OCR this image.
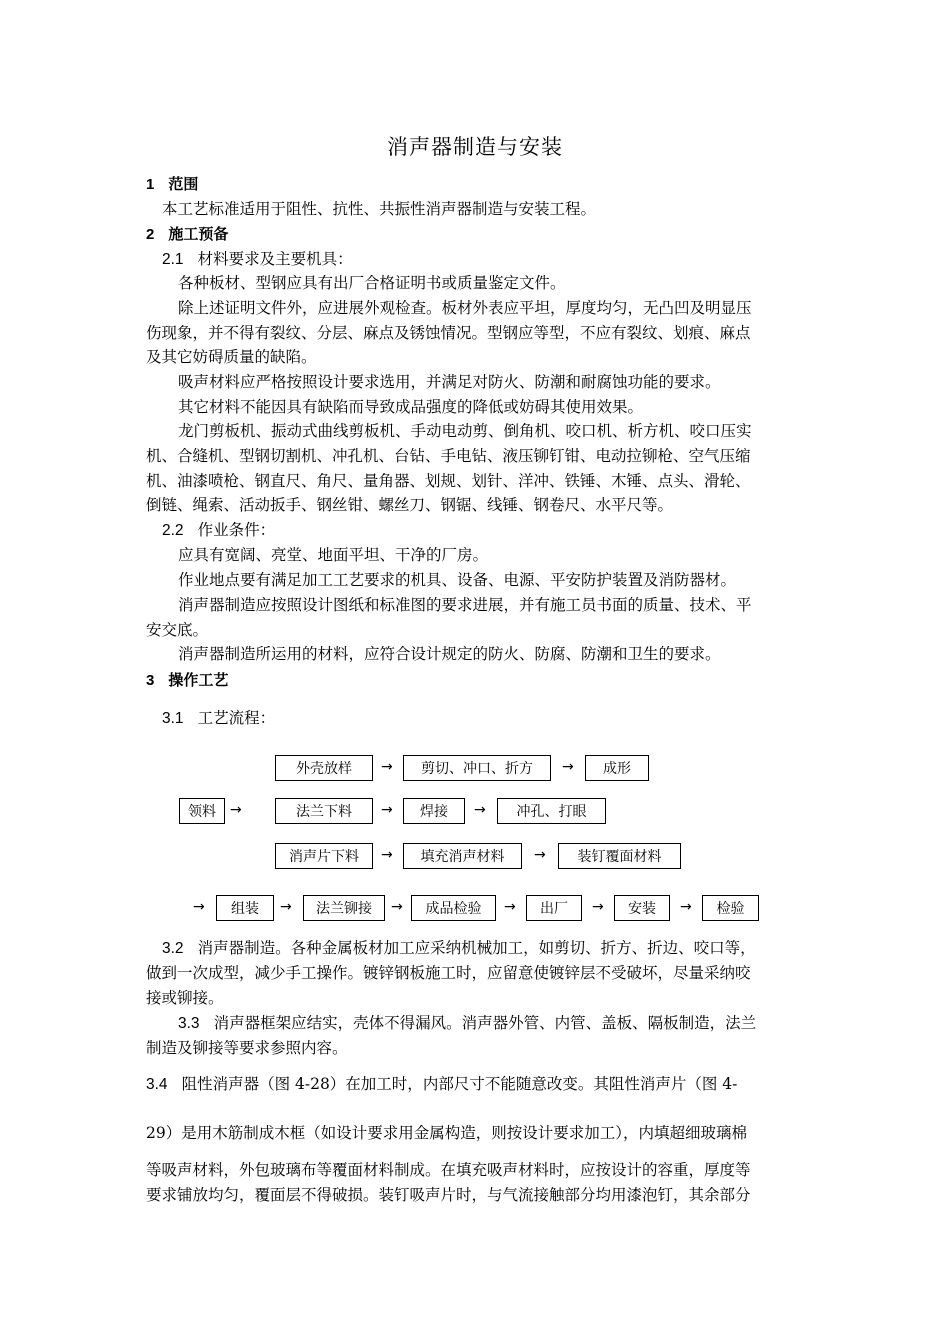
消声器制造与安装
1 范围
本工艺标准适用于阻性、抗性、共振性消声器制造与安装工程。
2 施工预备
2.1 材料要求及主要机具：
各种板材、型钢应具有出厂合格证明书或质量鉴定文件。
除上述证明文件外，应进展外观检查。板材外表应平坦，厚度均匀，无凸凹及明显压
伤现象，并不得有裂纹、分层、麻点及锈蚀情况。型钢应等型，不应有裂纹、划痕、麻点
及其它妨碍质量的缺陷。
吸声材料应严格按照设计要求选用，并满足对防火、防潮和耐腐蚀功能的要求。
其它材料不能因具有缺陷而导致成品强度的降低或妨碍其使用效果。
龙门剪板机、振动式曲线剪板机、手动电动剪、倒角机、咬口机、析方机、咬口压实
机、合缝机、型钢切割机、冲孔机、台钻、手电钻、液压铆钉钳、电动拉铆枪、空气压缩
机、油漆喷枪、钢直尺、角尺、量角器、划规、划针、洋冲、铁锤、木锤、点头、滑轮、
倒链、绳索、活动扳手、钢丝钳、螺丝刀、钢锯、线锤、钢卷尺、水平尺等。
2.2 作业条件：
应具有宽阔、亮堂、地面平坦、干净的厂房。
作业地点要有满足加工工艺要求的机具、设备、电源、平安防护装置及消防器材。
消声器制造应按照设计图纸和标准图的要求进展，并有施工员书面的质量、技术、平
安交底。
消声器制造所运用的材料，应符合设计规定的防火、防腐、防潮和卫生的要求。
3 操作工艺
3.1 工艺流程：
外壳放样	→	剪切、冲口、折方	→	成形
领料	→	法兰下料	→	焊接	→	冲孔、打眼
消声片下料	→	填充消声材料	→	装钉覆面材料
→	组装	→	法兰铆接	→	成品检验	→	出厂	→	安装	→	检验
3.2 消声器制造。各种金属板材加工应采纳机械加工，如剪切、折方、折边、咬口等，
做到一次成型，减少手工操作。镀锌钢板施工时，应留意使镀锌层不受破坏，尽量采纳咬
接或铆接。
3.3 消声器框架应结实，壳体不得漏风。消声器外管、内管、盖板、隔板制造，法兰
制造及铆接等要求参照内容。
3.4 阻性消声器（图 4-28）在加工时，内部尺寸不能随意改变。其阻性消声片（图 4-
29）是用木筋制成木框（如设计要求用金属构造，则按设计要求加工），内填超细玻璃棉
等吸声材料，外包玻璃布等覆面材料制成。在填充吸声材料时，应按设计的容重，厚度等
要求铺放均匀，覆面层不得破损。装钉吸声片时，与气流接触部分均用漆泡钉，其余部分
